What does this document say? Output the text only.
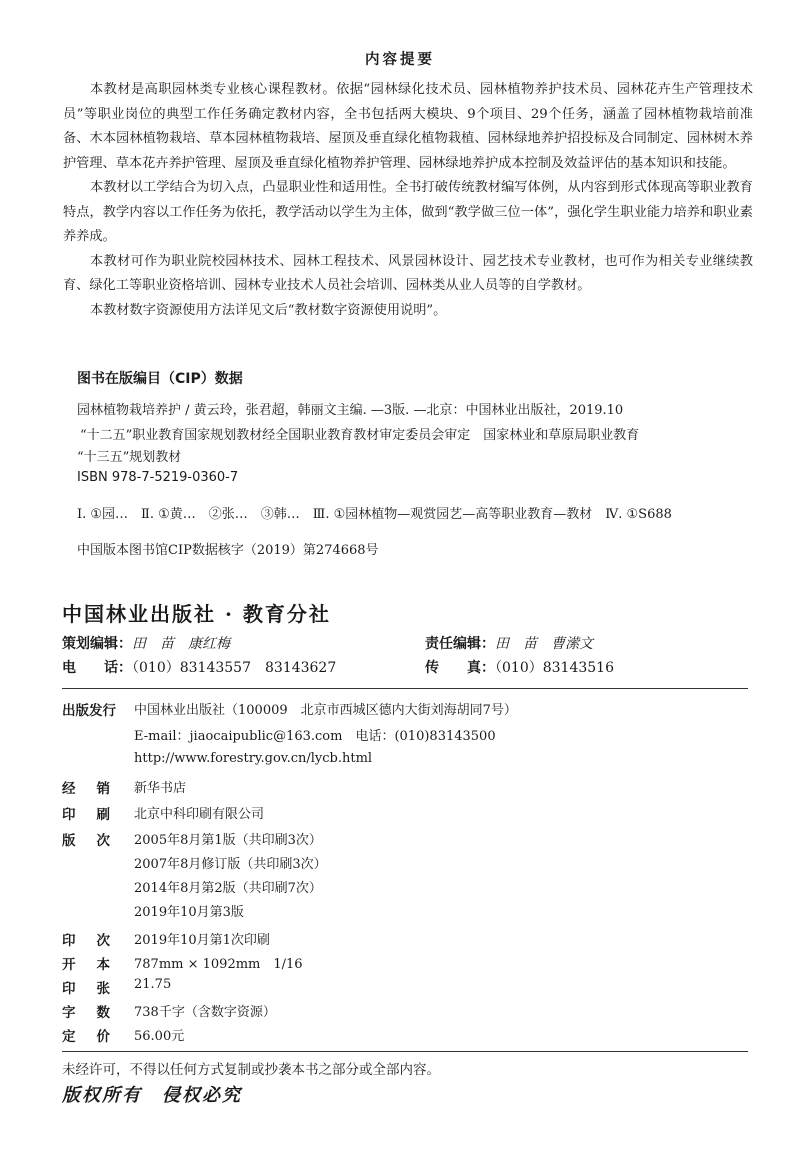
内容提要

本教材是高职园林类专业核心课程教材。依据“园林绿化技术员、园林植物养护技术员、园林花卉生产管理技术员”等职业岗位的典型工作任务确定教材内容，全书包括两大模块、9个项目、29个任务，涵盖了园林植物栽培前准备、木本园林植物栽培、草本园林植物栽培、屋顶及垂直绿化植物栽植、园林绿地养护招投标及合同制定、园林树木养护管理、草本花卉养护管理、屋顶及垂直绿化植物养护管理、园林绿地养护成本控制及效益评估的基本知识和技能。

本教材以工学结合为切入点，凸显职业性和适用性。全书打破传统教材编写体例，从内容到形式体现高等职业教育特点，教学内容以工作任务为依托，教学活动以学生为主体，做到“教学做三位一体”，强化学生职业能力培养和职业素养养成。

本教材可作为职业院校园林技术、园林工程技术、风景园林设计、园艺技术专业教材，也可作为相关专业继续教育、绿化工等职业资格培训、园林专业技术人员社会培训、园林类从业人员等的自学教材。

本教材数字资源使用方法详见文后“教材数字资源使用说明”。

图书在版编目（CIP）数据
园林植物栽培养护 / 黄云玲，张君超，韩丽文主编. —3版. —北京：中国林业出版社，2019.10
“十二五”职业教育国家规划教材经全国职业教育教材审定委员会审定　国家林业和草原局职业教育
“十三五”规划教材
ISBN 978-7-5219-0360-7
Ⅰ. ①园…　Ⅱ. ①黄…　②张…　③韩…　Ⅲ. ①园林植物—观赏园艺—高等职业教育—教材　Ⅳ. ①S688
中国版本图书馆CIP数据核字（2019）第274668号
中国林业出版社 · 教育分社
策划编辑：田　苗　康红梅	责任编辑：田　苗　曹潆文
电　　话：（010）83143557　83143627	传　　真：（010）83143516
出版发行 中国林业出版社（100009　北京市西城区德内大街刘海胡同7号）
E-mail：jiaocaipublic@163.com　电话：(010)83143500
http://www.forestry.gov.cn/lycb.html
经 销 新华书店
印 刷 北京中科印刷有限公司
版 次 2005年8月第1版（共印刷3次）
2007年8月修订版（共印刷3次）
2014年8月第2版（共印刷7次）
2019年10月第3版
印 次 2019年10月第1次印刷
开 本 787mm × 1092mm　1/16
印 张 21.75
字 数 738千字（含数字资源）
定 价 56.00元
未经许可，不得以任何方式复制或抄袭本书之部分或全部内容。
版权所有　侵权必究
